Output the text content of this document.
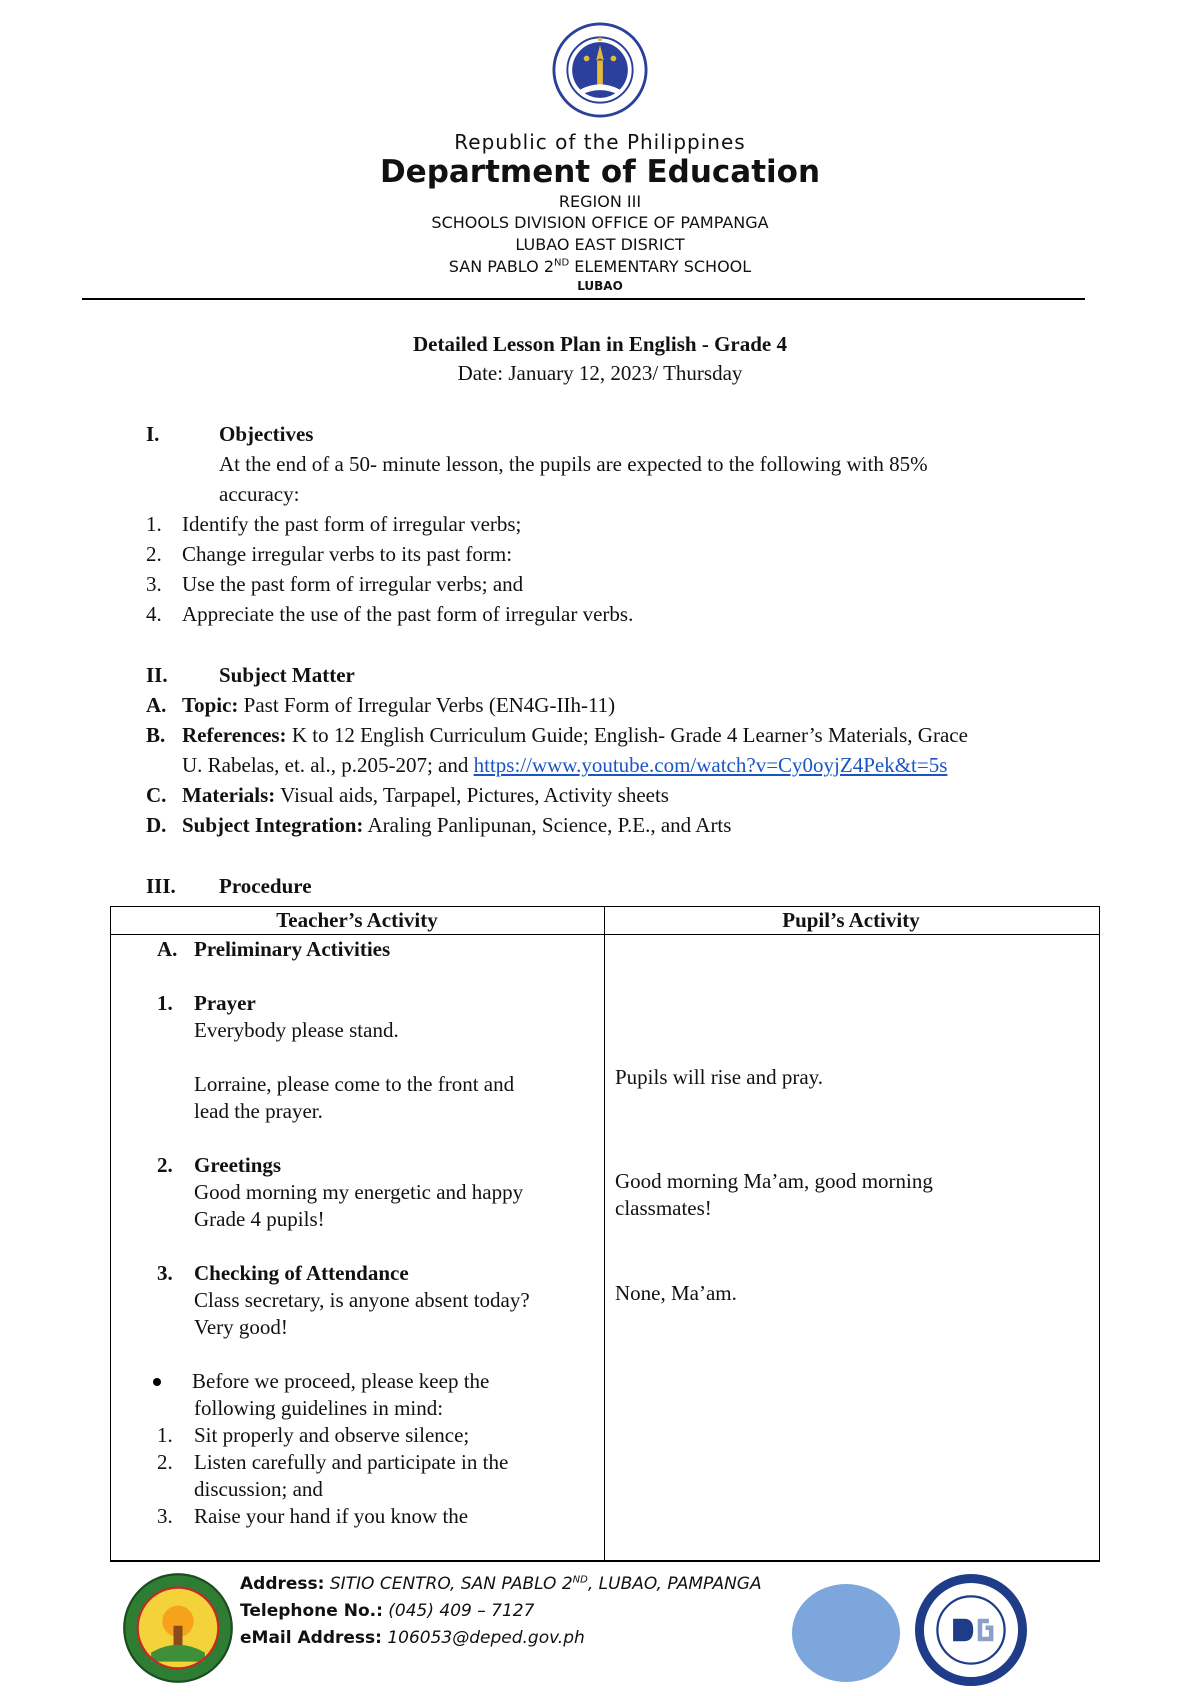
Republic of the Philippines
Department of Education
REGION III
SCHOOLS DIVISION OFFICE OF PAMPANGA
LUBAO EAST DISRICT
SAN PABLO 2ND ELEMENTARY SCHOOL
LUBAO
Detailed Lesson Plan in English - Grade 4
Date: January 12, 2023/ Thursday
I.	Objectives
At the end of a 50- minute lesson, the pupils are expected to the following with 85%
accuracy:
1. Identify the past form of irregular verbs;
2. Change irregular verbs to its past form:
3. Use the past form of irregular verbs; and
4. Appreciate the use of the past form of irregular verbs.
II. Subject Matter
A. Topic: Past Form of Irregular Verbs (EN4G-IIh-11)
B. References: K to 12 English Curriculum Guide; English- Grade 4 Learner’s Materials, Grace
U. Rabelas, et. al., p.205-207; and https://www.youtube.com/watch?v=Cy0oyjZ4Pek&t=5s
C. Materials: Visual aids, Tarpapel, Pictures, Activity sheets
D. Subject Integration: Araling Panlipunan, Science, P.E., and Arts
III. Procedure
Teacher’s Activity	Pupil’s Activity
A. Preliminary Activities
1. Prayer
Everybody please stand.
Lorraine, please come to the front and
lead the prayer.
2. Greetings
Good morning my energetic and happy
Grade 4 pupils!
3. Checking of Attendance
Class secretary, is anyone absent today?
Very good!
Before we proceed, please keep the
following guidelines in mind:
1. Sit properly and observe silence;
2. Listen carefully and participate in the
discussion; and
3. Raise your hand if you know the
Pupils will rise and pray.
Good morning Ma’am, good morning
classmates!
None, Ma’am.
Address: SITIO CENTRO, SAN PABLO 2ND, LUBAO, PAMPANGA
Telephone No.: (045) 409 – 7127
eMail Address: 106053@deped.gov.ph
